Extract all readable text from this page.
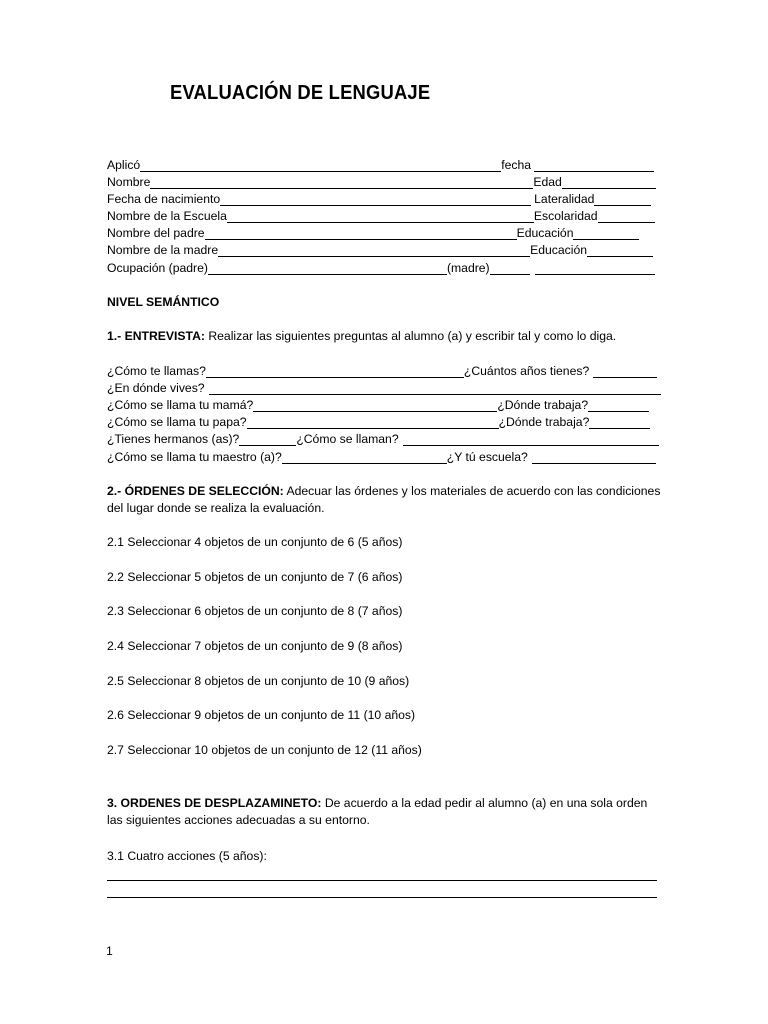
EVALUACIÓN DE LENGUAJE
Aplicó	fecha
Nombre	Edad
Fecha de nacimiento	Lateralidad
Nombre de la Escuela	Escolaridad
Nombre del padre	Educación
Nombre de la madre	Educación
Ocupación (padre)	(madre)
NIVEL SEMÁNTICO
1.- ENTREVISTA: Realizar las siguientes preguntas al alumno (a) y escribir tal y como lo diga.
¿Cómo te llamas?	¿Cuántos años tienes?
¿En dónde vives?
¿Cómo se llama tu mamá?	¿Dónde trabaja?
¿Cómo se llama tu papa?	¿Dónde trabaja?
¿Tienes hermanos (as)?	¿Cómo se llaman?
¿Cómo se llama tu maestro (a)?	¿Y tú escuela?
2.- ÓRDENES DE SELECCIÓN: Adecuar las órdenes y los materiales de acuerdo con las condiciones del lugar donde se realiza la evaluación.
2.1 Seleccionar 4 objetos de un conjunto de 6 (5 años)
2.2 Seleccionar 5 objetos de un conjunto de 7 (6 años)
2.3 Seleccionar 6 objetos de un conjunto de 8 (7 años)
2.4 Seleccionar 7 objetos de un conjunto de 9 (8 años)
2.5 Seleccionar 8 objetos de un conjunto de 10 (9 años)
2.6 Seleccionar 9 objetos de un conjunto de 11 (10 años)
2.7 Seleccionar 10 objetos de un conjunto de 12 (11 años)
3. ORDENES DE DESPLAZAMINETO: De acuerdo a la edad pedir al alumno (a) en una sola orden las siguientes acciones adecuadas a su entorno.
3.1 Cuatro acciones (5 años):
1
